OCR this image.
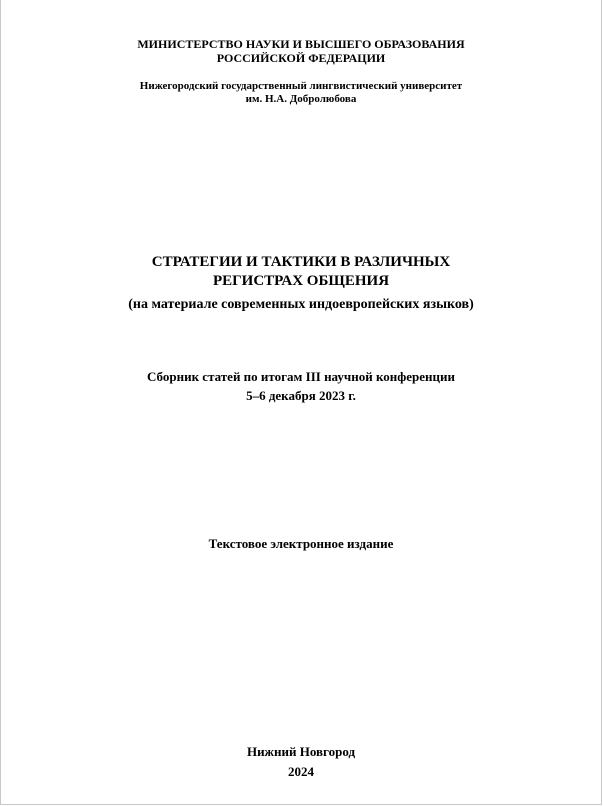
МИНИСТЕРСТВО НАУКИ И ВЫСШЕГО ОБРАЗОВАНИЯ
РОССИЙСКОЙ ФЕДЕРАЦИИ
Нижегородский государственный лингвистический университет
им. Н.А. Добролюбова
СТРАТЕГИИ И ТАКТИКИ В РАЗЛИЧНЫХ
РЕГИСТРАХ ОБЩЕНИЯ
(на материале современных индоевропейских языков)
Сборник статей по итогам III научной конференции
5–6 декабря 2023 г.
Текстовое электронное издание
Нижний Новгород
2024
